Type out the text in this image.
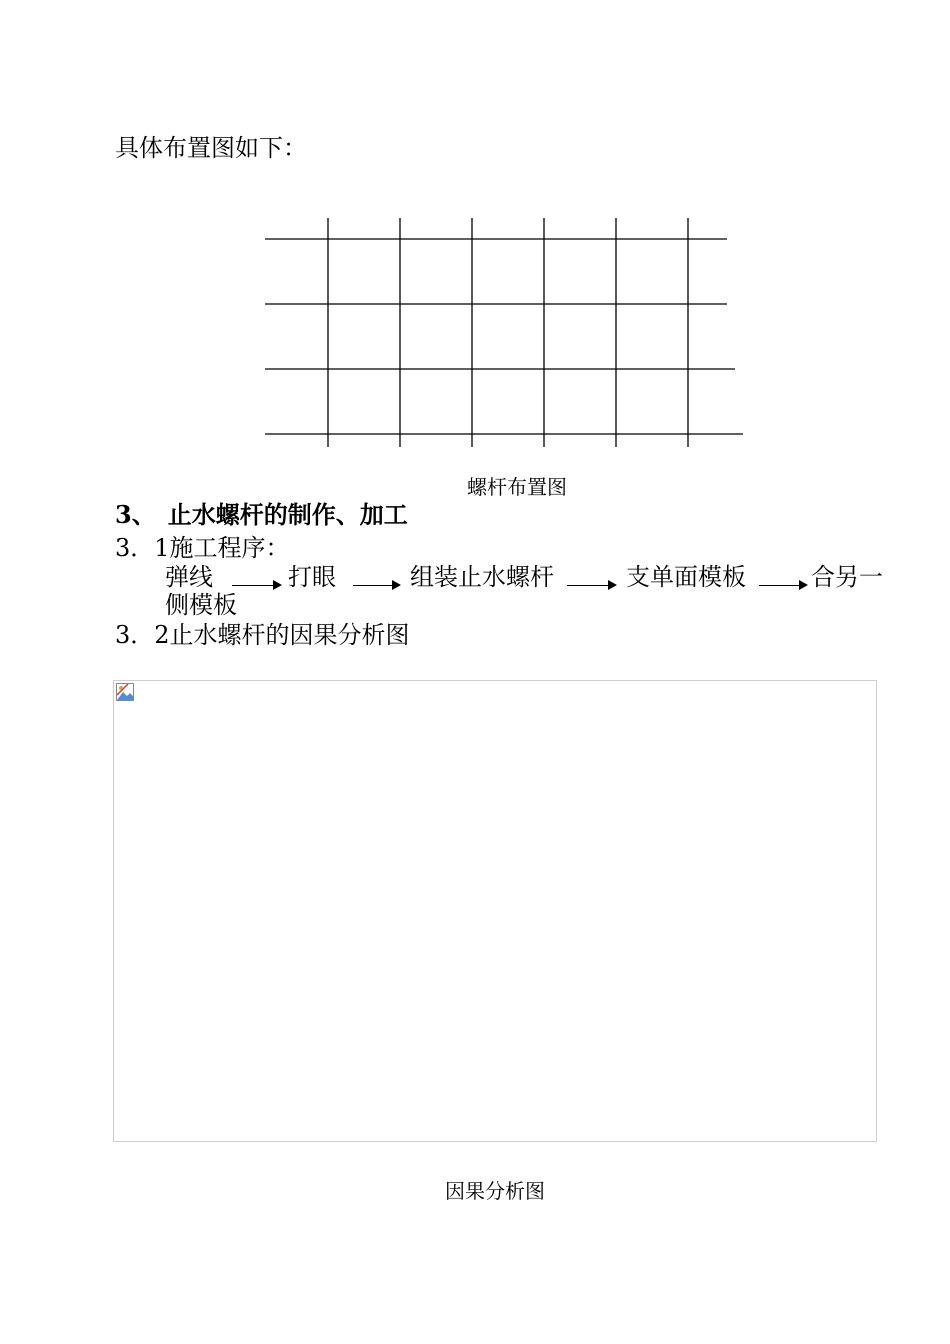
具体布置图如下：
螺杆布置图
3、　止水螺杆的制作、加工
3．1施工程序：
弹线	打眼	组装止水螺杆	支单面模板	合另一
侧模板
3．2止水螺杆的因果分析图
因果分析图
